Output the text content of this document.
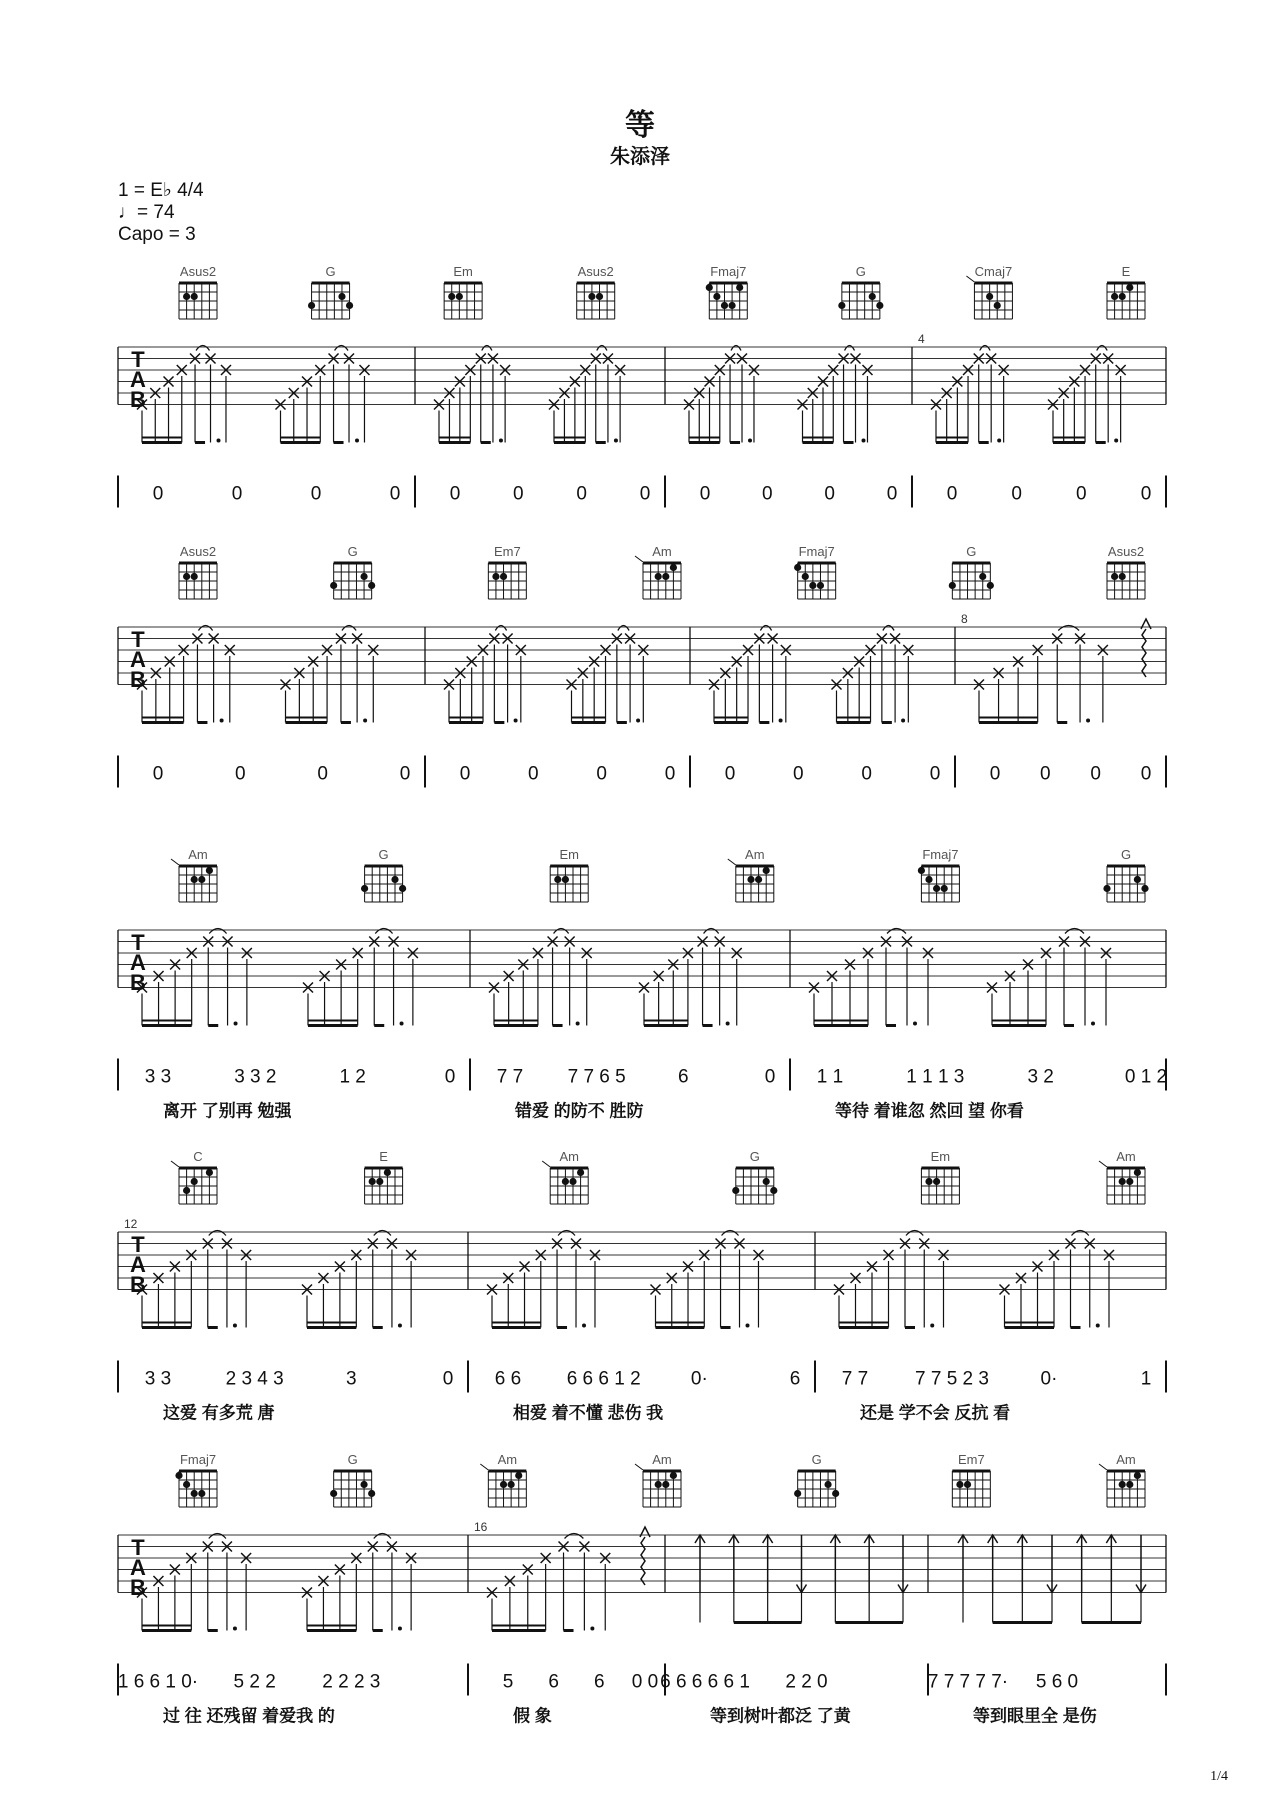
等
朱添泽
1 = E♭ 4/4
♩= 74
Capo = 3
Asus2	G	Em	Asus2	Fmaj7	G	Cmaj7	E
T
A
B
4
0	0	0	0	0	0	0	0	0	0	0	0	0	0	0	0
Asus2	G	Em7	Am	Fmaj7	G	Asus2
T
A
B
8
0	0	0	0	0	0	0	0	0	0	0	0	0 0 0 0
Am	G	Em	Am	Fmaj7	G
T
A
B
3 3	3 3 2	1 2	0 7 7 7 7 6 5	6	0 1 1	1 1 1 3	3 2	0 1 2
离开 了别再 勉强	错爱 的防不 胜防	等待 着谁忽 然回 望 你看
C	E	Am	G	Em	Am
T
A
B
12
3 3	2 3 4 3	3	0 6 6 6 6 6 1 2	0·	6 7 7 7 7 5 2 3	0·	1
这爱 有多荒 唐	相爱 着不懂 悲伤 我	还是 学不会 反抗 看
Fmaj7	G	Am	Am	G	Em7	Am
T
A
B
16
1 6 6 1 0· 5 2 2 2 2 2 3	5 6 6 0 0 6 6 6 6 6 1 2 2 0	7 7 7 7 7· 5 6 0
过 往 还残留 着爱我 的	假 象	等到树叶都泛 了黄	等到眼里全 是伤
1/4
